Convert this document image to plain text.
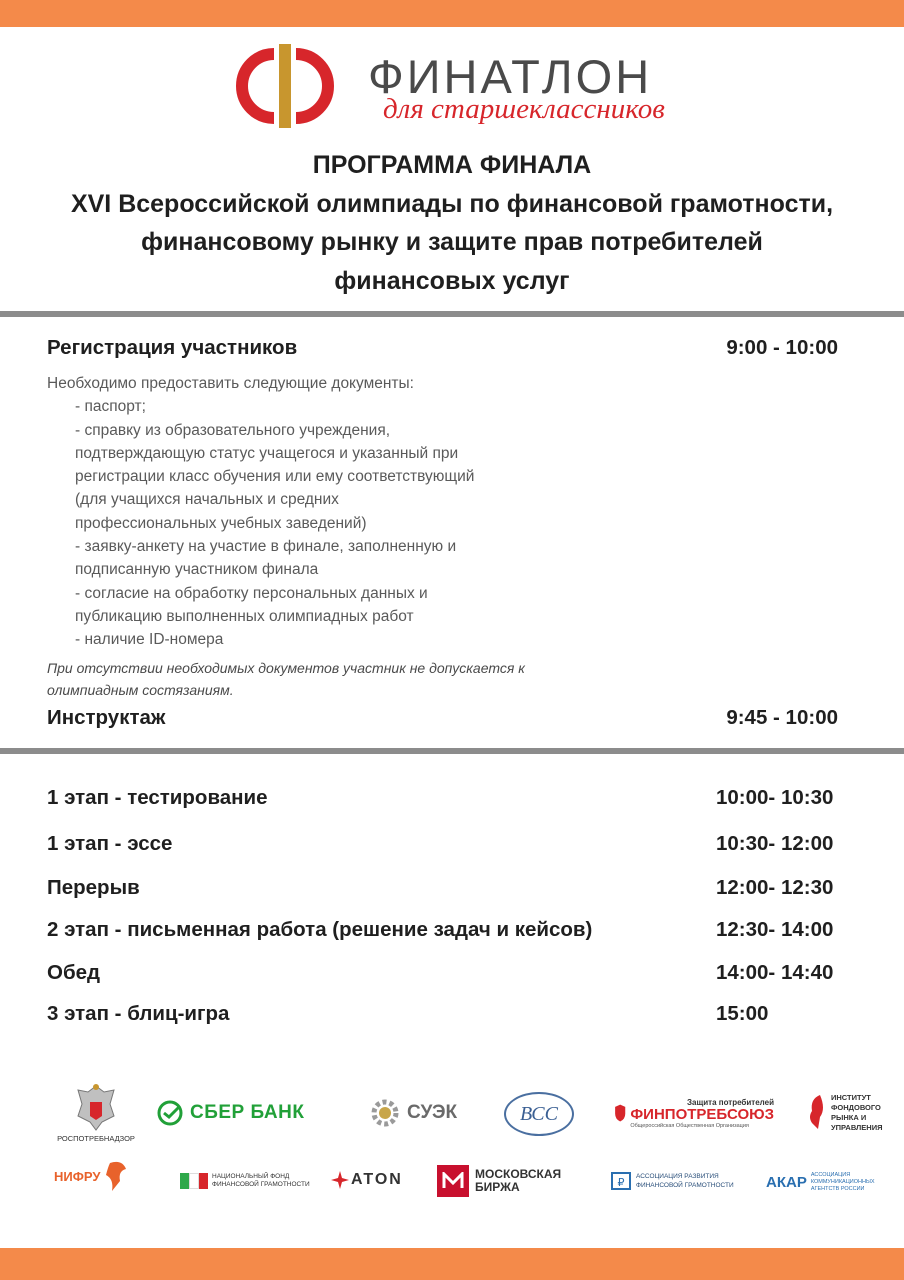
ФИНАТЛОН
для старшеклассников
ПРОГРАММА ФИНАЛА
XVI Всероссийской олимпиады по финансовой грамотности,
финансовому рынку и защите прав потребителей
финансовых услуг
Регистрация участников	9:00 - 10:00
Необходимо предоставить следующие документы:
- паспорт;
- справку из образовательного учреждения,
подтверждающую статус учащегося и указанный при
регистрации класс обучения или ему соответствующий
(для учащихся начальных и средних
профессиональных учебных заведений)
- заявку-анкету на участие в финале, заполненную и
подписанную участником финала
- согласие на обработку персональных данных и
публикацию выполненных олимпиадных работ
- наличие ID-номера
При отсутствии необходимых документов участник не допускается к
олимпиадным состязаниям.
Инструктаж	9:45 - 10:00
1 этап - тестирование	10:00- 10:30
1 этап - эссе	10:30- 12:00
Перерыв	12:00- 12:30
2 этап - письменная работа (решение задач и кейсов)	12:30- 14:00
Обед	14:00- 14:40
3 этап - блиц-игра	15:00
РОСПОТРЕБНАДЗОР
СБЕР БАНК	СУЭК	ВСС
Защита потребителей
ФИНПОТРЕБСОЮЗ
Общероссийская Общественная Организация
ИНСТИТУТ
ФОНДОВОГО
РЫНКА И
УПРАВЛЕНИЯ
НИФРУ	НАЦИОНАЛЬНЫЙ ФОНД
ФИНАНСОВОЙ ГРАМОТНОСТИ	ATON	МОСКОВСКАЯ
БИРЖА	₽ АССОЦИАЦИЯ РАЗВИТИЯ
ФИНАНСОВОЙ ГРАМОТНОСТИ АКАР АССОЦИАЦИЯ
КОММУНИКАЦИОННЫХ
АГЕНТСТВ РОССИИ
